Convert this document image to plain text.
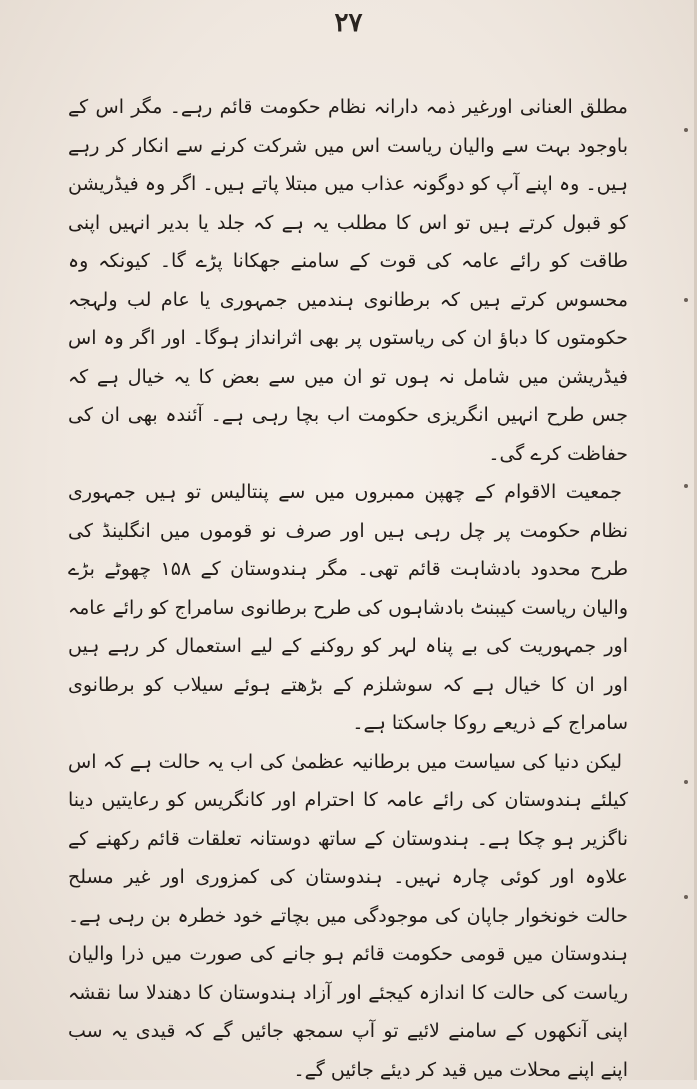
۲۷

مطلق العنانی اورغیر ذمہ دارانہ نظام حکومت قائم رہے۔ مگر اس کے باوجود بہت سے والیان ریاست اس میں شرکت کرنے سے انکار کر رہے ہیں۔ وہ اپنے آپ کو دوگونہ عذاب میں مبتلا پاتے ہیں۔ اگر وہ فیڈریشن کو قبول کرتے ہیں تو اس کا مطلب یہ ہے کہ جلد یا بدیر انہیں اپنی طاقت کو رائے عامہ کی قوت کے سامنے جھکانا پڑے گا۔ کیونکہ وہ محسوس کرتے ہیں کہ برطانوی ہندمیں جمہوری یا عام لب ولہجہ حکومتوں کا دباؤ ان کی ریاستوں پر بھی اثرانداز ہوگا۔ اور اگر وہ اس فیڈریشن میں شامل نہ ہوں تو ان میں سے بعض کا یہ خیال ہے کہ جس طرح انہیں انگریزی حکومت اب بچا رہی ہے۔ آئندہ بھی ان کی حفاظت کرے گی۔

جمعیت الاقوام کے چھپن ممبروں میں سے پنتالیس تو ہیں جمہوری نظام حکومت پر چل رہی ہیں اور صرف نو قوموں میں انگلینڈ کی طرح محدود بادشاہت قائم تھی۔ مگر ہندوستان کے ۱۵۸ چھوٹے بڑے والیان ریاست کیبنٹ بادشاہوں کی طرح برطانوی سامراج کو رائے عامہ اور جمہوریت کی بے پناہ لہر کو روکنے کے لیے استعمال کر رہے ہیں اور ان کا خیال ہے کہ سوشلزم کے بڑھتے ہوئے سیلاب کو برطانوی سامراج کے ذریعے روکا جاسکتا ہے۔

لیکن دنیا کی سیاست میں برطانیہ عظمیٰ کی اب یہ حالت ہے کہ اس کیلئے ہندوستان کی رائے عامہ کا احترام اور کانگریس کو رعایتیں دینا ناگزیر ہو چکا ہے۔ ہندوستان کے ساتھ دوستانہ تعلقات قائم رکھنے کے علاوہ اور کوئی چارہ نہیں۔ ہندوستان کی کمزوری اور غیر مسلح حالت خونخوار جاپان کی موجودگی میں بچاتے خود خطرہ بن رہی ہے۔ ہندوستان میں قومی حکومت قائم ہو جانے کی صورت میں ذرا والیان ریاست کی حالت کا اندازہ کیجئے اور آزاد ہندوستان کا دھندلا سا نقشہ اپنی آنکھوں کے سامنے لائیے تو آپ سمجھ جائیں گے کہ قیدی یہ سب اپنے اپنے محلات میں قید کر دیئے جائیں گے۔
